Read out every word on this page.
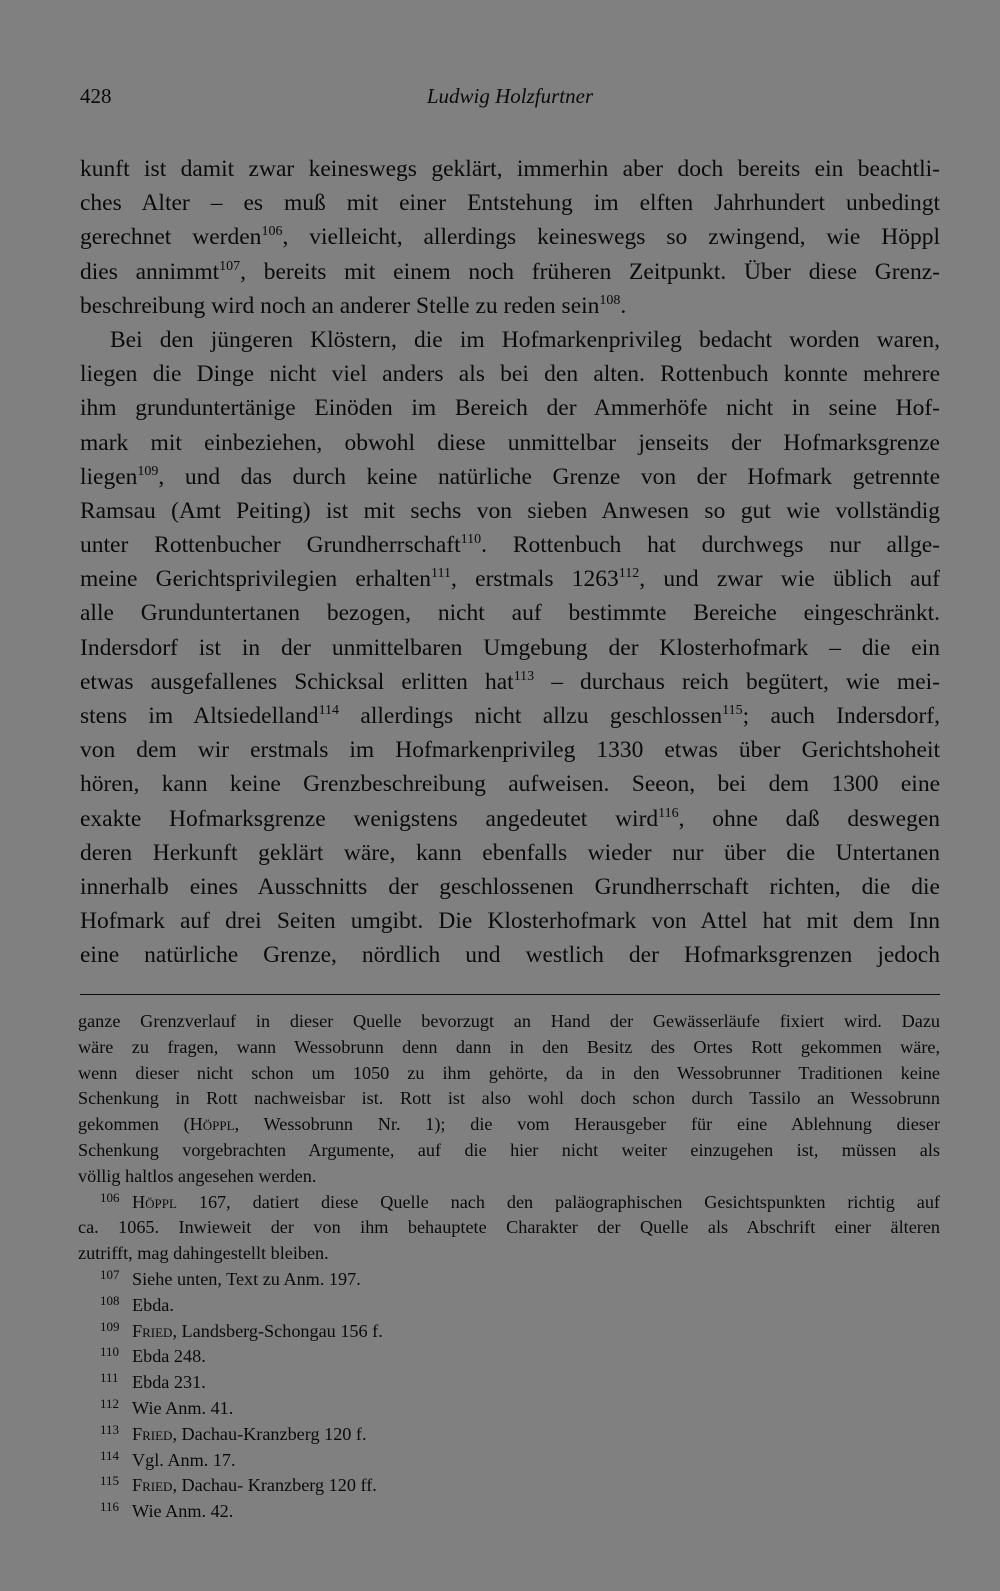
428	Ludwig Holzfurtner
kunft ist damit zwar keineswegs geklärt, immerhin aber doch bereits ein beachtli-
ches Alter – es muß mit einer Entstehung im elften Jahrhundert unbedingt
gerechnet werden$^{106}$, vielleicht, allerdings keineswegs so zwingend, wie Höppl
dies annimmt$^{107}$, bereits mit einem noch früheren Zeitpunkt. Über diese Grenz-
beschreibung wird noch an anderer Stelle zu reden sein$^{108}$.
Bei den jüngeren Klöstern, die im Hofmarkenprivileg bedacht worden waren,
liegen die Dinge nicht viel anders als bei den alten. Rottenbuch konnte mehrere
ihm grunduntertänige Einöden im Bereich der Ammerhöfe nicht in seine Hof-
mark mit einbeziehen, obwohl diese unmittelbar jenseits der Hofmarksgrenze
liegen$^{109}$, und das durch keine natürliche Grenze von der Hofmark getrennte
Ramsau (Amt Peiting) ist mit sechs von sieben Anwesen so gut wie vollständig
unter Rottenbucher Grundherrschaft$^{110}$. Rottenbuch hat durchwegs nur allge-
meine Gerichtsprivilegien erhalten$^{111}$, erstmals 1263$^{112}$, und zwar wie üblich auf
alle Grunduntertanen bezogen, nicht auf bestimmte Bereiche eingeschränkt.
Indersdorf ist in der unmittelbaren Umgebung der Klosterhofmark – die ein
etwas ausgefallenes Schicksal erlitten hat$^{113}$ – durchaus reich begütert, wie mei-
stens im Altsiedelland$^{114}$ allerdings nicht allzu geschlossen$^{115}$; auch Indersdorf,
von dem wir erstmals im Hofmarkenprivileg 1330 etwas über Gerichtshoheit
hören, kann keine Grenzbeschreibung aufweisen. Seeon, bei dem 1300 eine
exakte Hofmarksgrenze wenigstens angedeutet wird$^{116}$, ohne daß deswegen
deren Herkunft geklärt wäre, kann ebenfalls wieder nur über die Untertanen
innerhalb eines Ausschnitts der geschlossenen Grundherrschaft richten, die die
Hofmark auf drei Seiten umgibt. Die Klosterhofmark von Attel hat mit dem Inn
eine natürliche Grenze, nördlich und westlich der Hofmarksgrenzen jedoch
ganze Grenzverlauf in dieser Quelle bevorzugt an Hand der Gewässerläufe fixiert wird. Dazu
wäre zu fragen, wann Wessobrunn denn dann in den Besitz des Ortes Rott gekommen wäre,
wenn dieser nicht schon um 1050 zu ihm gehörte, da in den Wessobrunner Traditionen keine
Schenkung in Rott nachweisbar ist. Rott ist also wohl doch schon durch Tassilo an Wessobrunn
gekommen (Höppl, Wessobrunn Nr. 1); die vom Herausgeber für eine Ablehnung dieser
Schenkung vorgebrachten Argumente, auf die hier nicht weiter einzugehen ist, müssen als
völlig haltlos angesehen werden.
106 Höppl 167, datiert diese Quelle nach den paläographischen Gesichtspunkten richtig auf
ca. 1065. Inwieweit der von ihm behauptete Charakter der Quelle als Abschrift einer älteren
zutrifft, mag dahingestellt bleiben.
107 Siehe unten, Text zu Anm. 197.
108 Ebda.
109 Fried, Landsberg-Schongau 156 f.
110 Ebda 248.
111 Ebda 231.
112 Wie Anm. 41.
113 Fried, Dachau-Kranzberg 120 f.
114 Vgl. Anm. 17.
115 Fried, Dachau- Kranzberg 120 ff.
116 Wie Anm. 42.
